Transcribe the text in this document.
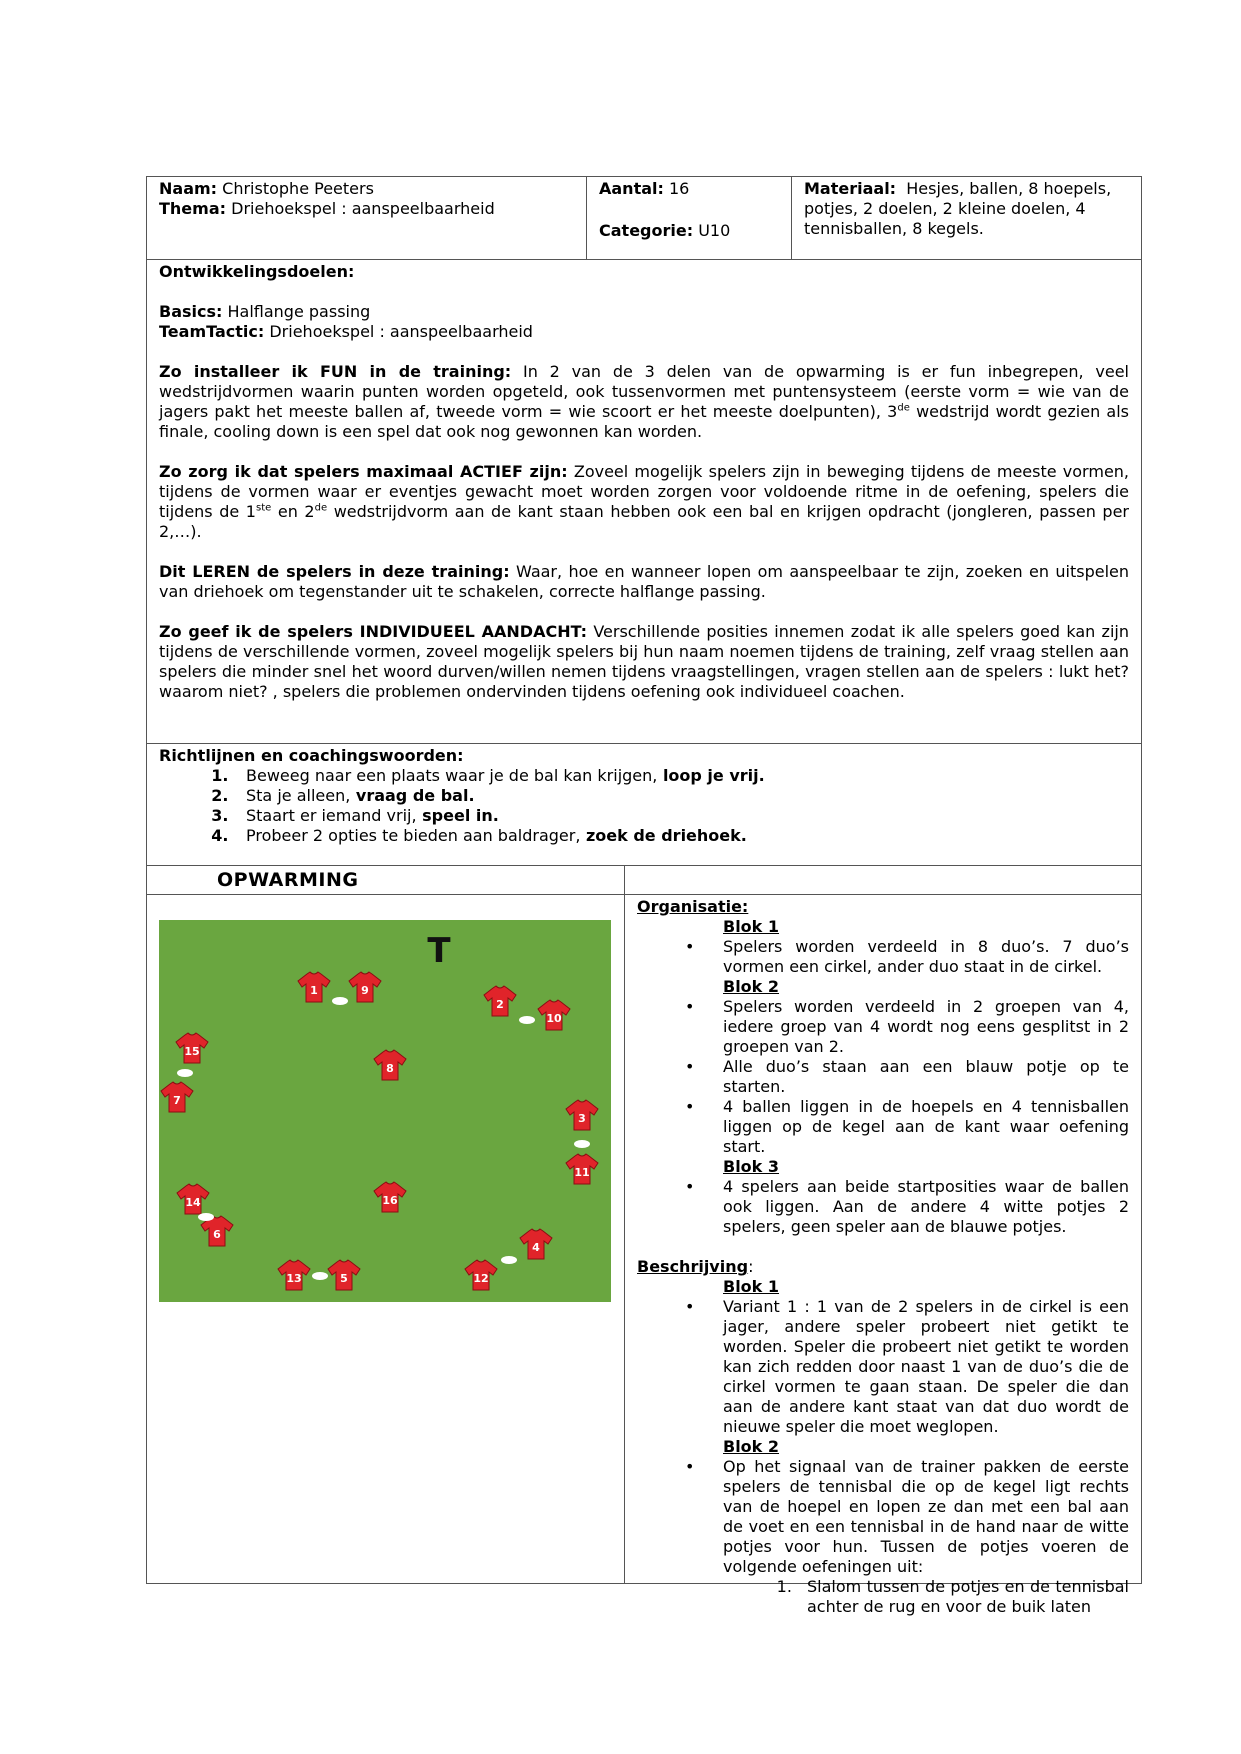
Naam: Christophe Peeters
Thema: Driehoekspel : aanspeelbaarheid
Aantal: 16
Categorie: U10
Materiaal: Hesjes, ballen, 8 hoepels, potjes, 2 doelen, 2 kleine doelen, 4 tennisballen, 8 kegels.

Ontwikkelingsdoelen:

Basics: Halflange passing

TeamTactic: Driehoekspel : aanspeelbaarheid

Zo installeer ik FUN in de training: In 2 van de 3 delen van de opwarming is er fun inbegrepen, veel wedstrijdvormen waarin punten worden opgeteld, ook tussenvormen met puntensysteem (eerste vorm = wie van de jagers pakt het meeste ballen af, tweede vorm = wie scoort er het meeste doelpunten), 3de wedstrijd wordt gezien als finale, cooling down is een spel dat ook nog gewonnen kan worden.

Zo zorg ik dat spelers maximaal ACTIEF zijn: Zoveel mogelijk spelers zijn in beweging tijdens de meeste vormen, tijdens de vormen waar er eventjes gewacht moet worden zorgen voor voldoende ritme in de oefening, spelers die tijdens de 1ste en 2de wedstrijdvorm aan de kant staan hebben ook een bal en krijgen opdracht (jongleren, passen per 2,…).

Dit LEREN de spelers in deze training: Waar, hoe en wanneer lopen om aanspeelbaar te zijn, zoeken en uitspelen van driehoek om tegenstander uit te schakelen, correcte halflange passing.

Zo geef ik de spelers INDIVIDUEEL AANDACHT: Verschillende posities innemen zodat ik alle spelers goed kan zijn tijdens de verschillende vormen, zoveel mogelijk spelers bij hun naam noemen tijdens de training, zelf vraag stellen aan spelers die minder snel het woord durven/willen nemen tijdens vraagstellingen, vragen stellen aan de spelers : lukt het? waarom niet? , spelers die problemen ondervinden tijdens oefening ook individueel coachen.

Richtlijnen en coachingswoorden:

1. Beweeg naar een plaats waar je de bal kan krijgen, loop je vrij.
2. Sta je alleen, vraag de bal.
3. Staart er iemand vrij, speel in.
4. Probeer 2 opties te bieden aan baldrager, zoek de driehoek.
OPWARMING
T
1	9
2
10
15
8
7
3
11
14	16
6
4
13	5	12
Organisatie:
Blok 1
• Spelers worden verdeeld in 8 duo’s. 7 duo’s vormen een cirkel, ander duo staat in de cirkel.
Blok 2
• Spelers worden verdeeld in 2 groepen van 4, iedere groep van 4 wordt nog eens gesplitst in 2 groepen van 2.
• Alle duo’s staan aan een blauw potje op te starten.
• 4 ballen liggen in de hoepels en 4 tennisballen liggen op de kegel aan de kant waar oefening start.
Blok 3
• 4 spelers aan beide startposities waar de ballen ook liggen. Aan de andere 4 witte potjes 2 spelers, geen speler aan de blauwe potjes.
Beschrijving:
Blok 1
• Variant 1 : 1 van de 2 spelers in de cirkel is een jager, andere speler probeert niet getikt te worden. Speler die probeert niet getikt te worden kan zich redden door naast 1 van de duo’s die de cirkel vormen te gaan staan. De speler die dan aan de andere kant staat van dat duo wordt de nieuwe speler die moet weglopen.
Blok 2
• Op het signaal van de trainer pakken de eerste spelers de tennisbal die op de kegel ligt rechts van de hoepel en lopen ze dan met een bal aan de voet en een tennisbal in de hand naar de witte potjes voor hun. Tussen de potjes voeren de volgende oefeningen uit:
1. Slalom tussen de potjes en de tennisbal achter de rug en voor de buik laten
